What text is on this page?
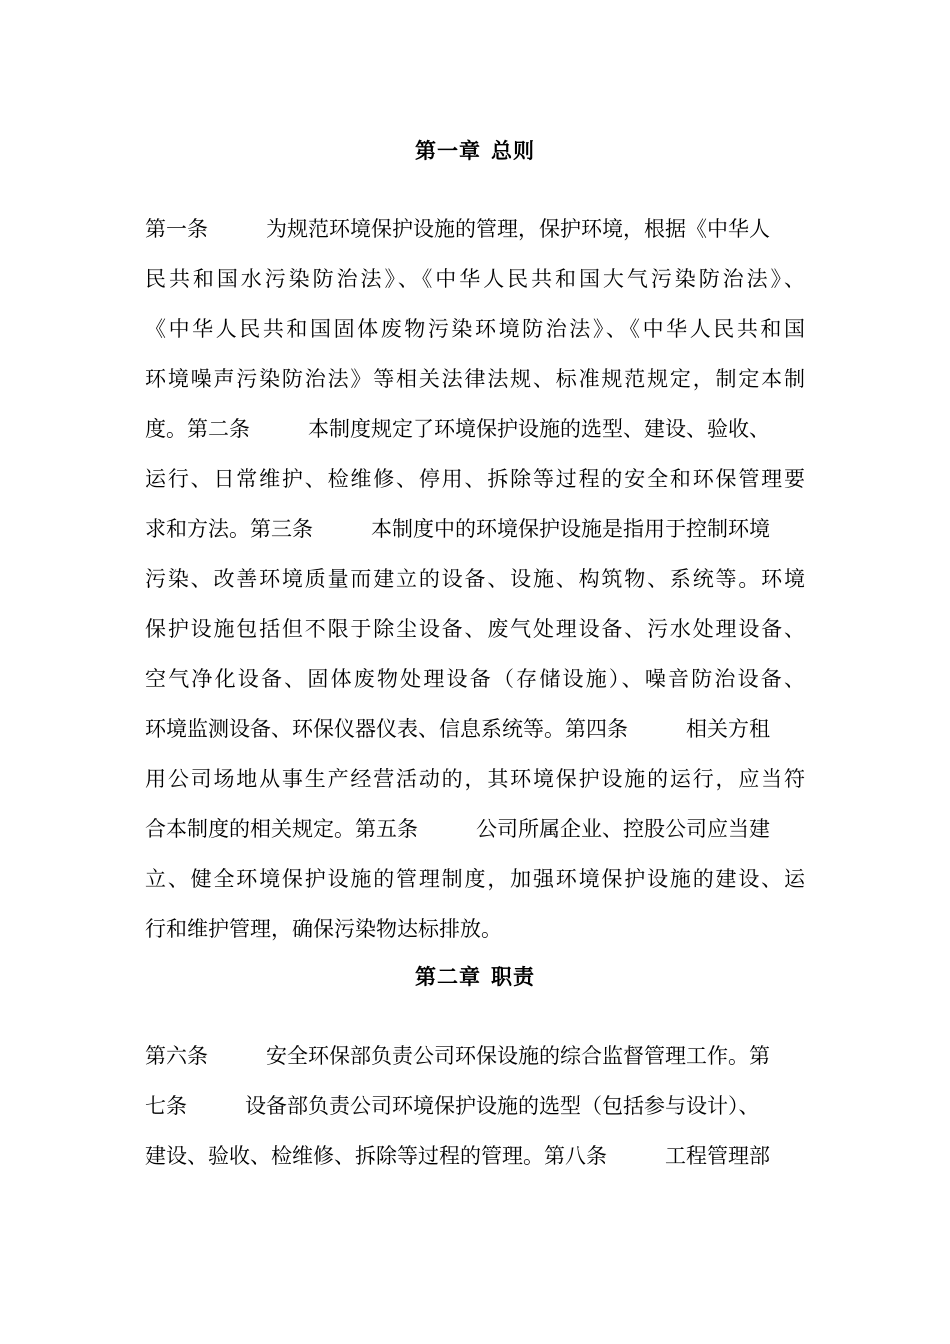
第一章 总则
第一条	为规范环境保护设施的管理，保护环境，根据《中华人
民共和国水污染防治法》、《中华人民共和国大气污染防治法》、
《中华人民共和国固体废物污染环境防治法》、《中华人民共和国
环境噪声污染防治法》等相关法律法规、标准规范规定，制定本制
度。第二条	本制度规定了环境保护设施的选型、建设、验收、
运行、日常维护、检维修、停用、拆除等过程的安全和环保管理要
求和方法。第三条	本制度中的环境保护设施是指用于控制环境
污染、改善环境质量而建立的设备、设施、构筑物、系统等。环境
保护设施包括但不限于除尘设备、废气处理设备、污水处理设备、
空气净化设备、固体废物处理设备（存储设施）、噪音防治设备、
环境监测设备、环保仪器仪表、信息系统等。第四条	相关方租
用公司场地从事生产经营活动的，其环境保护设施的运行，应当符
合本制度的相关规定。第五条	公司所属企业、控股公司应当建
立、健全环境保护设施的管理制度，加强环境保护设施的建设、运
行和维护管理，确保污染物达标排放。
第二章 职责
第六条	安全环保部负责公司环保设施的综合监督管理工作。第
七条	设备部负责公司环境保护设施的选型（包括参与设计）、
建设、验收、检维修、拆除等过程的管理。第八条	工程管理部
